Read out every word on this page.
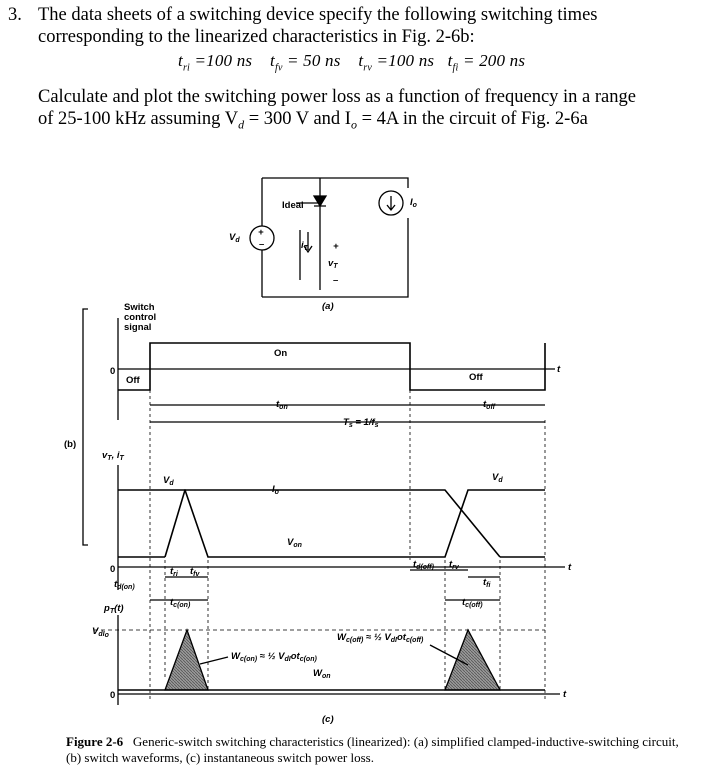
3. The data sheets of a switching device specify the following switching times corresponding to the linearized characteristics in Fig. 2-6b:
Calculate and plot the switching power loss as a function of frequency in a range
of 25-100 kHz assuming $V_d = 300$ V and $I_o = 4A$ in the circuit of Fig. 2-6a
$t_{ri} =100$ ns $t_{fv} = 50$ ns $t_{rv} =100$ ns $t_{fi} = 200$ ns
Ideal
$V_d$
+
–	$i_T$	+
$v_T$
–
$I_o$
(a)
Switch
control
signal
On
Off	Off
0	t
$t_{on}$	$t_{off}$
$T_s = 1/f_s$
(b)
$v_T$, $i_T$
$V_d$
$V_d$
$I_o$
$V_{on}$
0	t
$t_{d(on)}$
$t_{ri}$ $t_{fv}$
$t_{c(on)}$
$t_{d(off)}$ $t_{rv}$
$t_{fi}$
$t_{c(off)}$
$p_T(t)$
$V_{dI}o$
$W_{c(on)}$ ≈ ½ $V_{dI}ot_{c(on)}$
$W_{c(off)}$ ≈ ½ $V_{dI}ot_{c(off)}$
$W_{on}$
0	t
(c)
Figure 2-6 Generic-switch switching characteristics (linearized): (a) simplified clamped-inductive-switching circuit, (b) switch waveforms, (c) instantaneous switch power loss.
